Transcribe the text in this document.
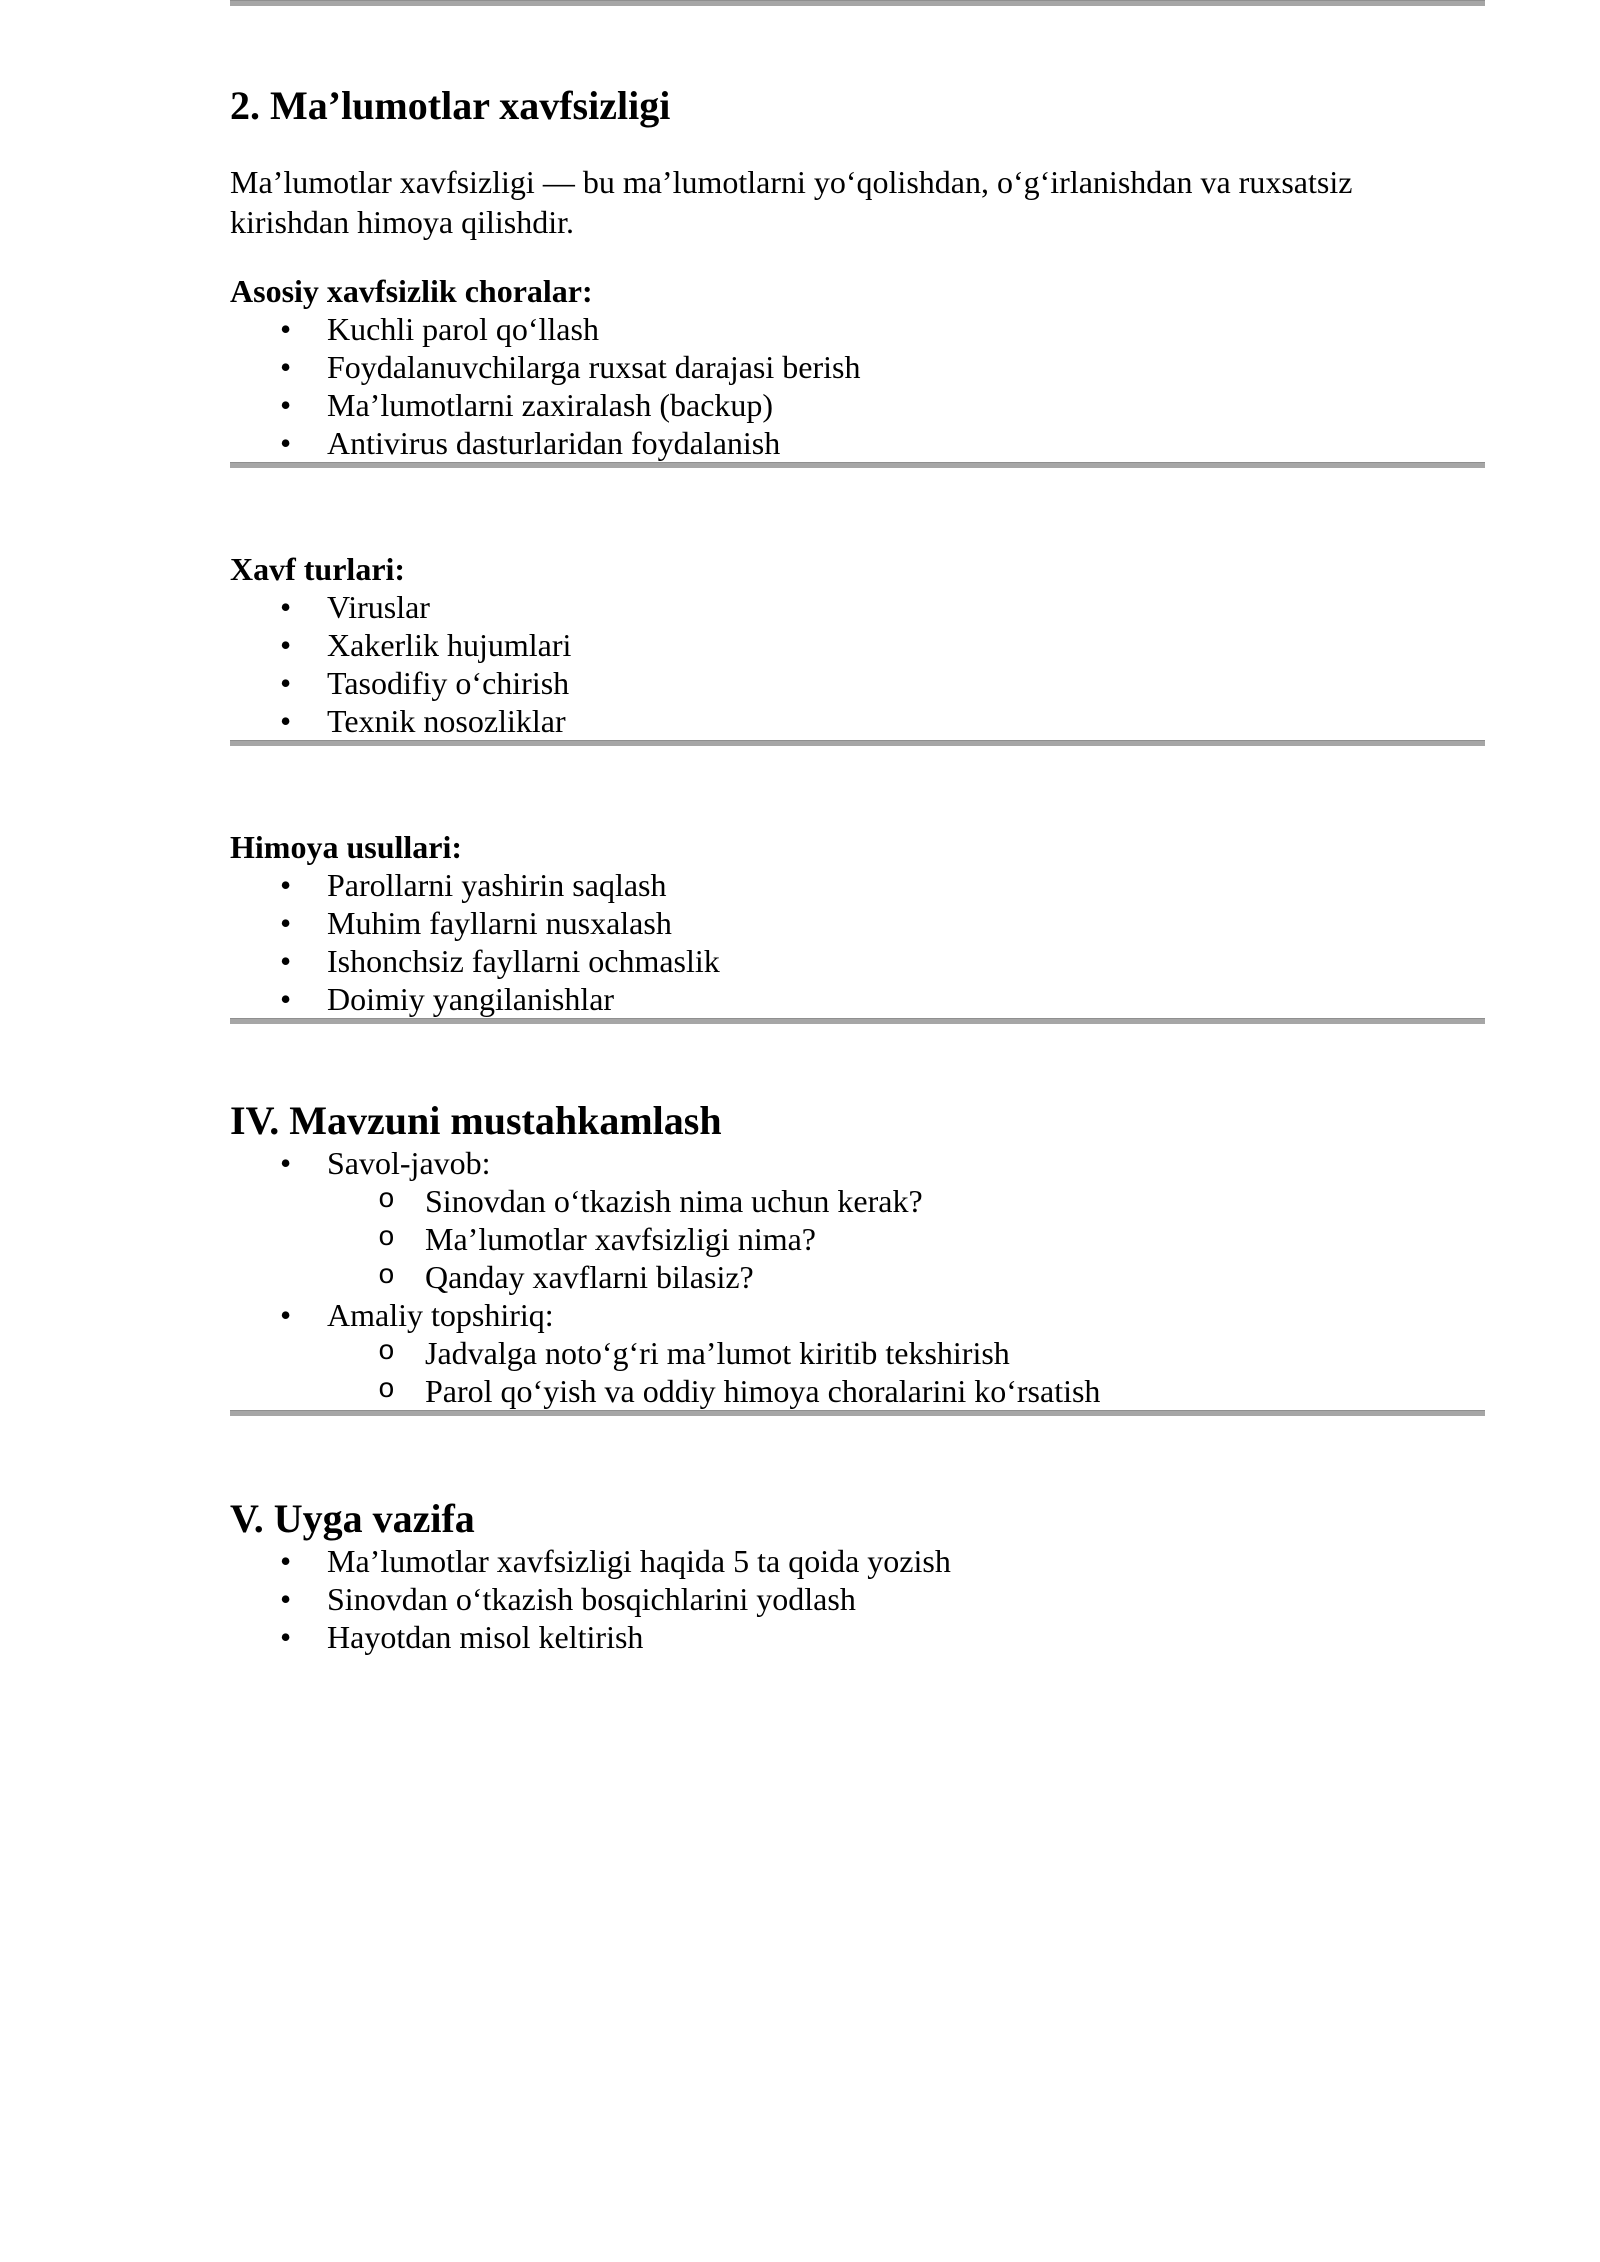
2. Ma’lumotlar xavfsizligi

Ma’lumotlar xavfsizligi — bu ma’lumotlarni yo‘qolishdan, o‘g‘irlanishdan va ruxsatsiz kirishdan himoya qilishdir.

Asosiy xavfsizlik choralar:

• Kuchli parol qo‘llash
• Foydalanuvchilarga ruxsat darajasi berish
• Ma’lumotlarni zaxiralash (backup)
• Antivirus dasturlaridan foydalanish

Xavf turlari:

• Viruslar
• Xakerlik hujumlari
• Tasodifiy o‘chirish
• Texnik nosozliklar

Himoya usullari:

• Parollarni yashirin saqlash
• Muhim fayllarni nusxalash
• Ishonchsiz fayllarni ochmaslik
• Doimiy yangilanishlar
IV. Mavzuni mustahkamlash
• Savol-javob:
o Sinovdan o‘tkazish nima uchun kerak?
o Ma’lumotlar xavfsizligi nima?
o Qanday xavflarni bilasiz?
• Amaliy topshiriq:
o Jadvalga noto‘g‘ri ma’lumot kiritib tekshirish
o Parol qo‘yish va oddiy himoya choralarini ko‘rsatish
V. Uyga vazifa
• Ma’lumotlar xavfsizligi haqida 5 ta qoida yozish
• Sinovdan o‘tkazish bosqichlarini yodlash
• Hayotdan misol keltirish
